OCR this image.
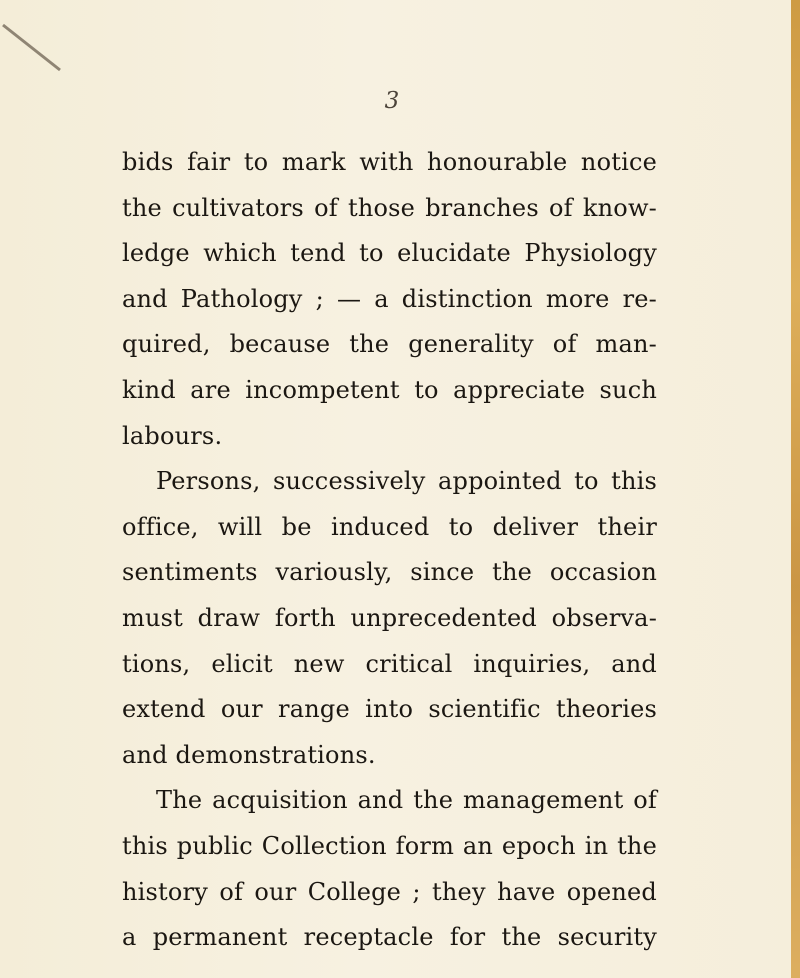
3
bids fair to mark with honourable notice
the cultivators of those branches of know-
ledge which tend to elucidate Physiology
and Pathology ; — a distinction more re-
quired, because the generality of man-
kind are incompetent to appreciate such
labours.
Persons, successively appointed to this
office, will be induced to deliver their
sentiments variously, since the occasion
must draw forth unprecedented observa-
tions, elicit new critical inquiries, and
extend our range into scientific theories
and demonstrations.
The acquisition and the management of
this public Collection form an epoch in the
history of our College ; they have opened
a permanent receptacle for the security
